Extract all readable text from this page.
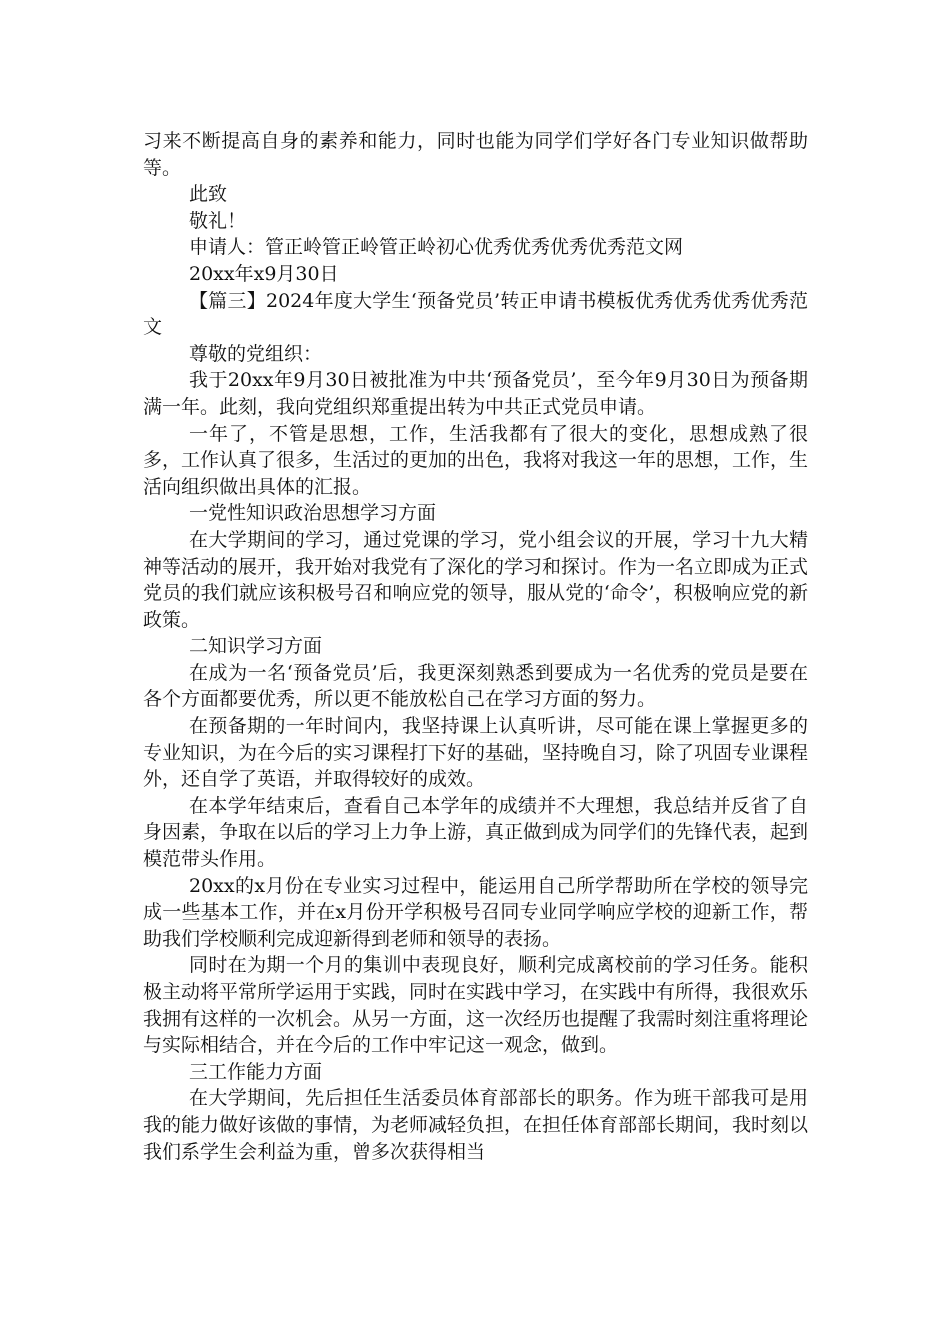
习来不断提高自身的素养和能力，同时也能为同学们学好各门专业知识做帮助等。

此致

敬礼！

申请人：管正岭管正岭管正岭初心优秀优秀优秀优秀范文网

20xx年x9月30日

【篇三】2024年度大学生‘预备党员’转正申请书模板优秀优秀优秀优秀范文

尊敬的党组织：

我于20xx年9月30日被批准为中共‘预备党员’，至今年9月30日为预备期满一年。此刻，我向党组织郑重提出转为中共正式党员申请。

一年了，不管是思想，工作，生活我都有了很大的变化，思想成熟了很多，工作认真了很多，生活过的更加的出色，我将对我这一年的思想，工作，生活向组织做出具体的汇报。

一党性知识政治思想学习方面

在大学期间的学习，通过党课的学习，党小组会议的开展，学习十九大精神等活动的展开，我开始对我党有了深化的学习和探讨。作为一名立即成为正式党员的我们就应该积极号召和响应党的领导，服从党的‘命令’，积极响应党的新政策。

二知识学习方面

在成为一名‘预备党员’后，我更深刻熟悉到要成为一名优秀的党员是要在各个方面都要优秀，所以更不能放松自己在学习方面的努力。

在预备期的一年时间内，我坚持课上认真听讲，尽可能在课上掌握更多的专业知识，为在今后的实习课程打下好的基础，坚持晚自习，除了巩固专业课程外，还自学了英语，并取得较好的成效。

在本学年结束后，查看自己本学年的成绩并不大理想，我总结并反省了自身因素，争取在以后的学习上力争上游，真正做到成为同学们的先锋代表，起到模范带头作用。

20xx的x月份在专业实习过程中，能运用自己所学帮助所在学校的领导完成一些基本工作，并在x月份开学积极号召同专业同学响应学校的迎新工作，帮助我们学校顺利完成迎新得到老师和领导的表扬。

同时在为期一个月的集训中表现良好，顺利完成离校前的学习任务。能积极主动将平常所学运用于实践，同时在实践中学习，在实践中有所得，我很欢乐我拥有这样的一次机会。从另一方面，这一次经历也提醒了我需时刻注重将理论与实际相结合，并在今后的工作中牢记这一观念，做到。

三工作能力方面

在大学期间，先后担任生活委员体育部部长的职务。作为班干部我可是用我的能力做好该做的事情，为老师减轻负担，在担任体育部部长期间，我时刻以我们系学生会利益为重，曾多次获得相当
